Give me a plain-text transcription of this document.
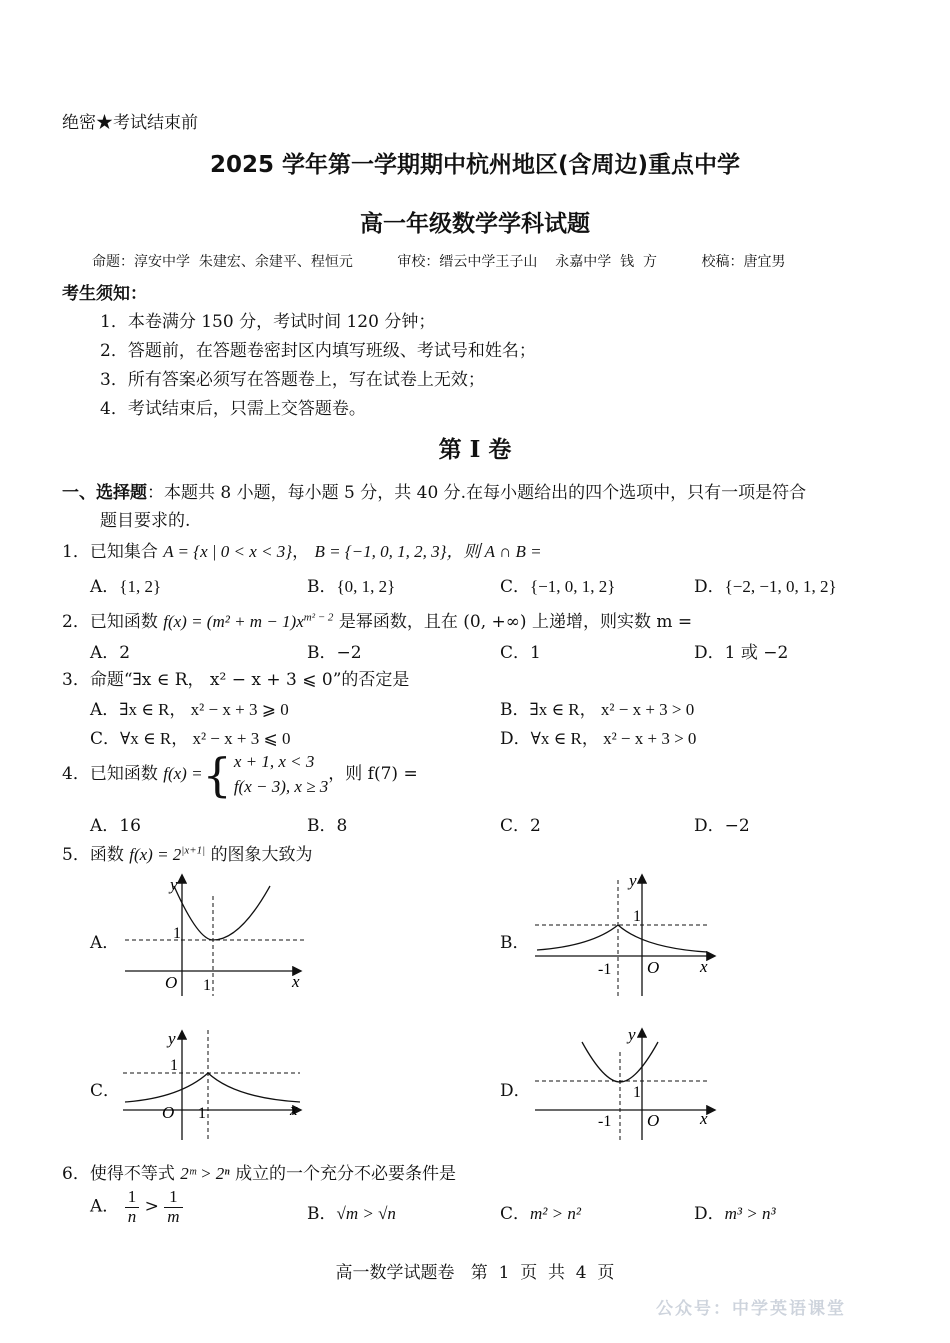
绝密★考试结束前
2025 学年第一学期期中杭州地区(含周边)重点中学
高一年级数学学科试题
命题：淳安中学  朱建宏、余建平、程恒元          审校：缙云中学王子山    永嘉中学  钱  方          校稿：唐宜男
考生须知：
1．本卷满分 150 分，考试时间 120 分钟；
2．答题前，在答题卷密封区内填写班级、考试号和姓名；
3．所有答案必须写在答题卷上，写在试卷上无效；
4．考试结束后，只需上交答题卷。
第 I 卷
一、选择题：本题共 8 小题，每小题 5 分，共 40 分.在每小题给出的四个选项中，只有一项是符合
题目要求的.
1．已知集合 A = {x | 0 < x < 3}， B = {−1, 0, 1, 2, 3}，则 A ∩ B =
A．{1, 2}	B．{0, 1, 2}	C．{−1, 0, 1, 2}	D．{−2, −1, 0, 1, 2}
2．已知函数 $f(x) = (m^2 + m - 1)x^{m^2 - 2}$ 是幂函数，且在 (0, +∞) 上递增，则实数 m =
A．2	B．−2	C．1	D．1 或 −2
3．命题“∃x ∈ R， x² − x + 3 ⩽ 0”的否定是
A．∃x ∈ R， x² − x + 3 ⩾ 0	B．∃x ∈ R， x² − x + 3 > 0
C．∀x ∈ R， x² − x + 3 ⩽ 0	D．∀x ∈ R， x² − x + 3 > 0
4．已知函数 f(x) ={ x + 1, x < 3
f(x − 3), x ≥ 3
，则 f(7) =
A．16	B．8	C．2	D．−2
5．函数 $f(x) = 2^{|x+1|}$ 的图象大致为
A．	B．
C．	D．
y
x
O
1
1
y
x
O
1
-1
y
x
O
1
1
y
x
O
1
-1
6．使得不等式 2ᵐ > 2ⁿ 成立的一个充分不必要条件是
A． $\frac{1}{n} > \frac{1}{m}$	B．√m > √n	C．m² > n²	D．m³ > n³
高一数学试题卷   第  1  页  共  4  页
公众号：中学英语课堂
